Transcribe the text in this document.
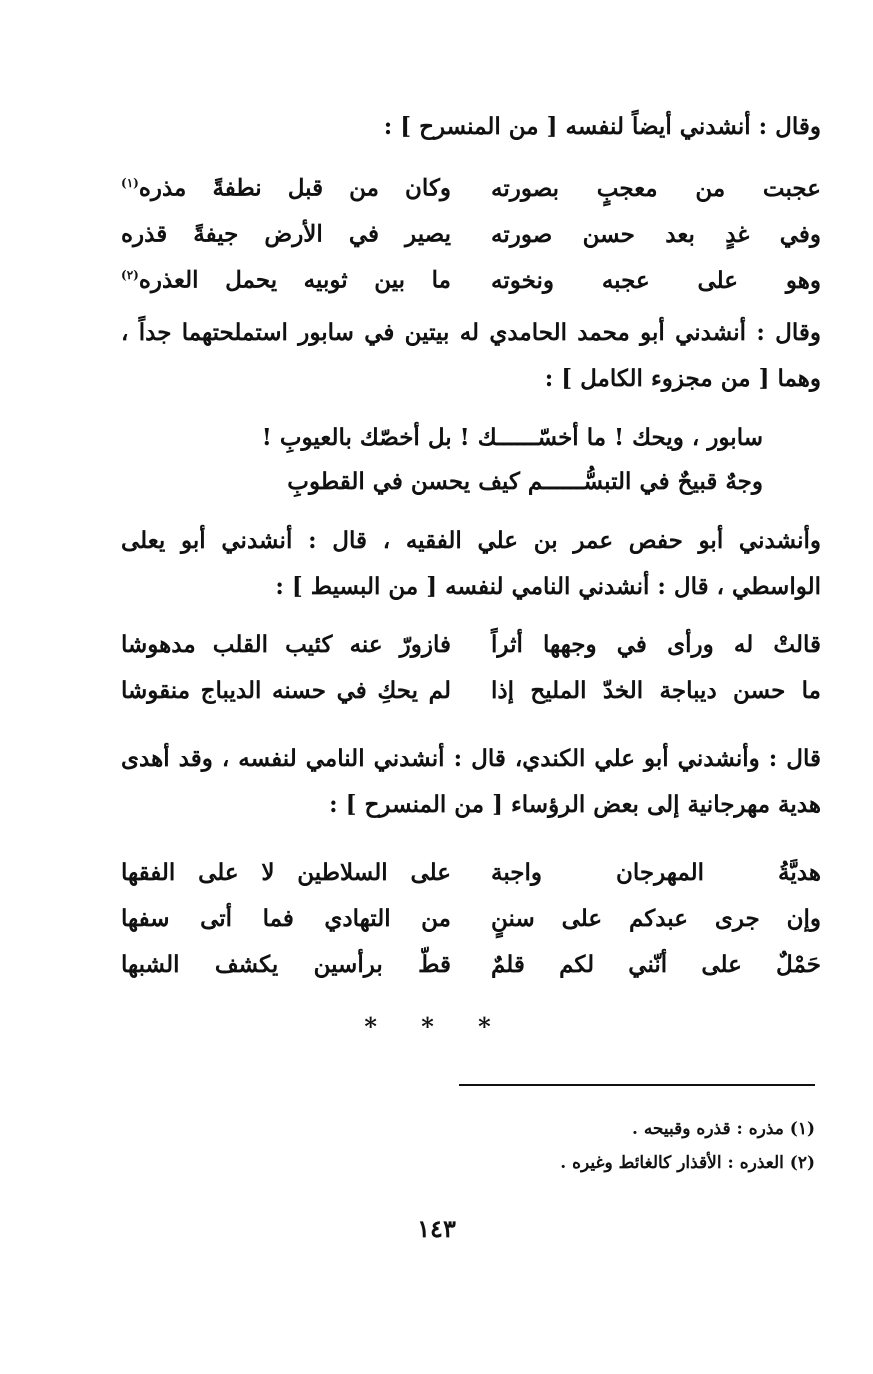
وقال : أنشدني أيضاً لنفسه [ من المنسرح ] :
عجبت من معجبٍ بصورته
وكان من قبل نطفةً مذره$^{(١)}$
وفي غدٍ بعد حسن صورته
يصير في الأرض جيفةً قذره
وهو على عجبه ونخوته
ما بين ثوبيه يحمل العذره$^{(٢)}$
وقال : أنشدني أبو محمد الحامدي له بيتين في سابور استملحتهما جداً ، وهما [ من مجزوء الكامل ] :
سابور ، ويحك ! ما أخسّــــــك ! بل أخصّك بالعيوبِ !
وجهٌ قبيحٌ في التبسُّــــــم كيف يحسن في القطوبِ
وأنشدني أبو حفص عمر بن علي الفقيه ، قال : أنشدني أبو يعلى الواسطي ، قال : أنشدني النامي لنفسه [ من البسيط ] :
قالتْ له ورأى في وجهها أثراً
فازورّ عنه كئيب القلب مدهوشا
ما حسن ديباجة الخدّ المليح إذا
لم يحكِ في حسنه الديباج منقوشا
قال : وأنشدني أبو علي الكندي، قال : أنشدني النامي لنفسه ، وقد أهدى هدية مهرجانية إلى بعض الرؤساء [ من المنسرح ] :
هديَّةُ المهرجان واجبة
على السلاطين لا على الفقها
وإن جرى عبدكم على سننٍ
من التهادي فما أتى سفها
حَمْلٌ على أنّني لكم قلمٌ
قطّ برأسين يكشف الشبها
* * *
(١) مذره : قذره وقبيحه .
(٢) العذره : الأقذار كالغائط وغيره .
١٤٣
